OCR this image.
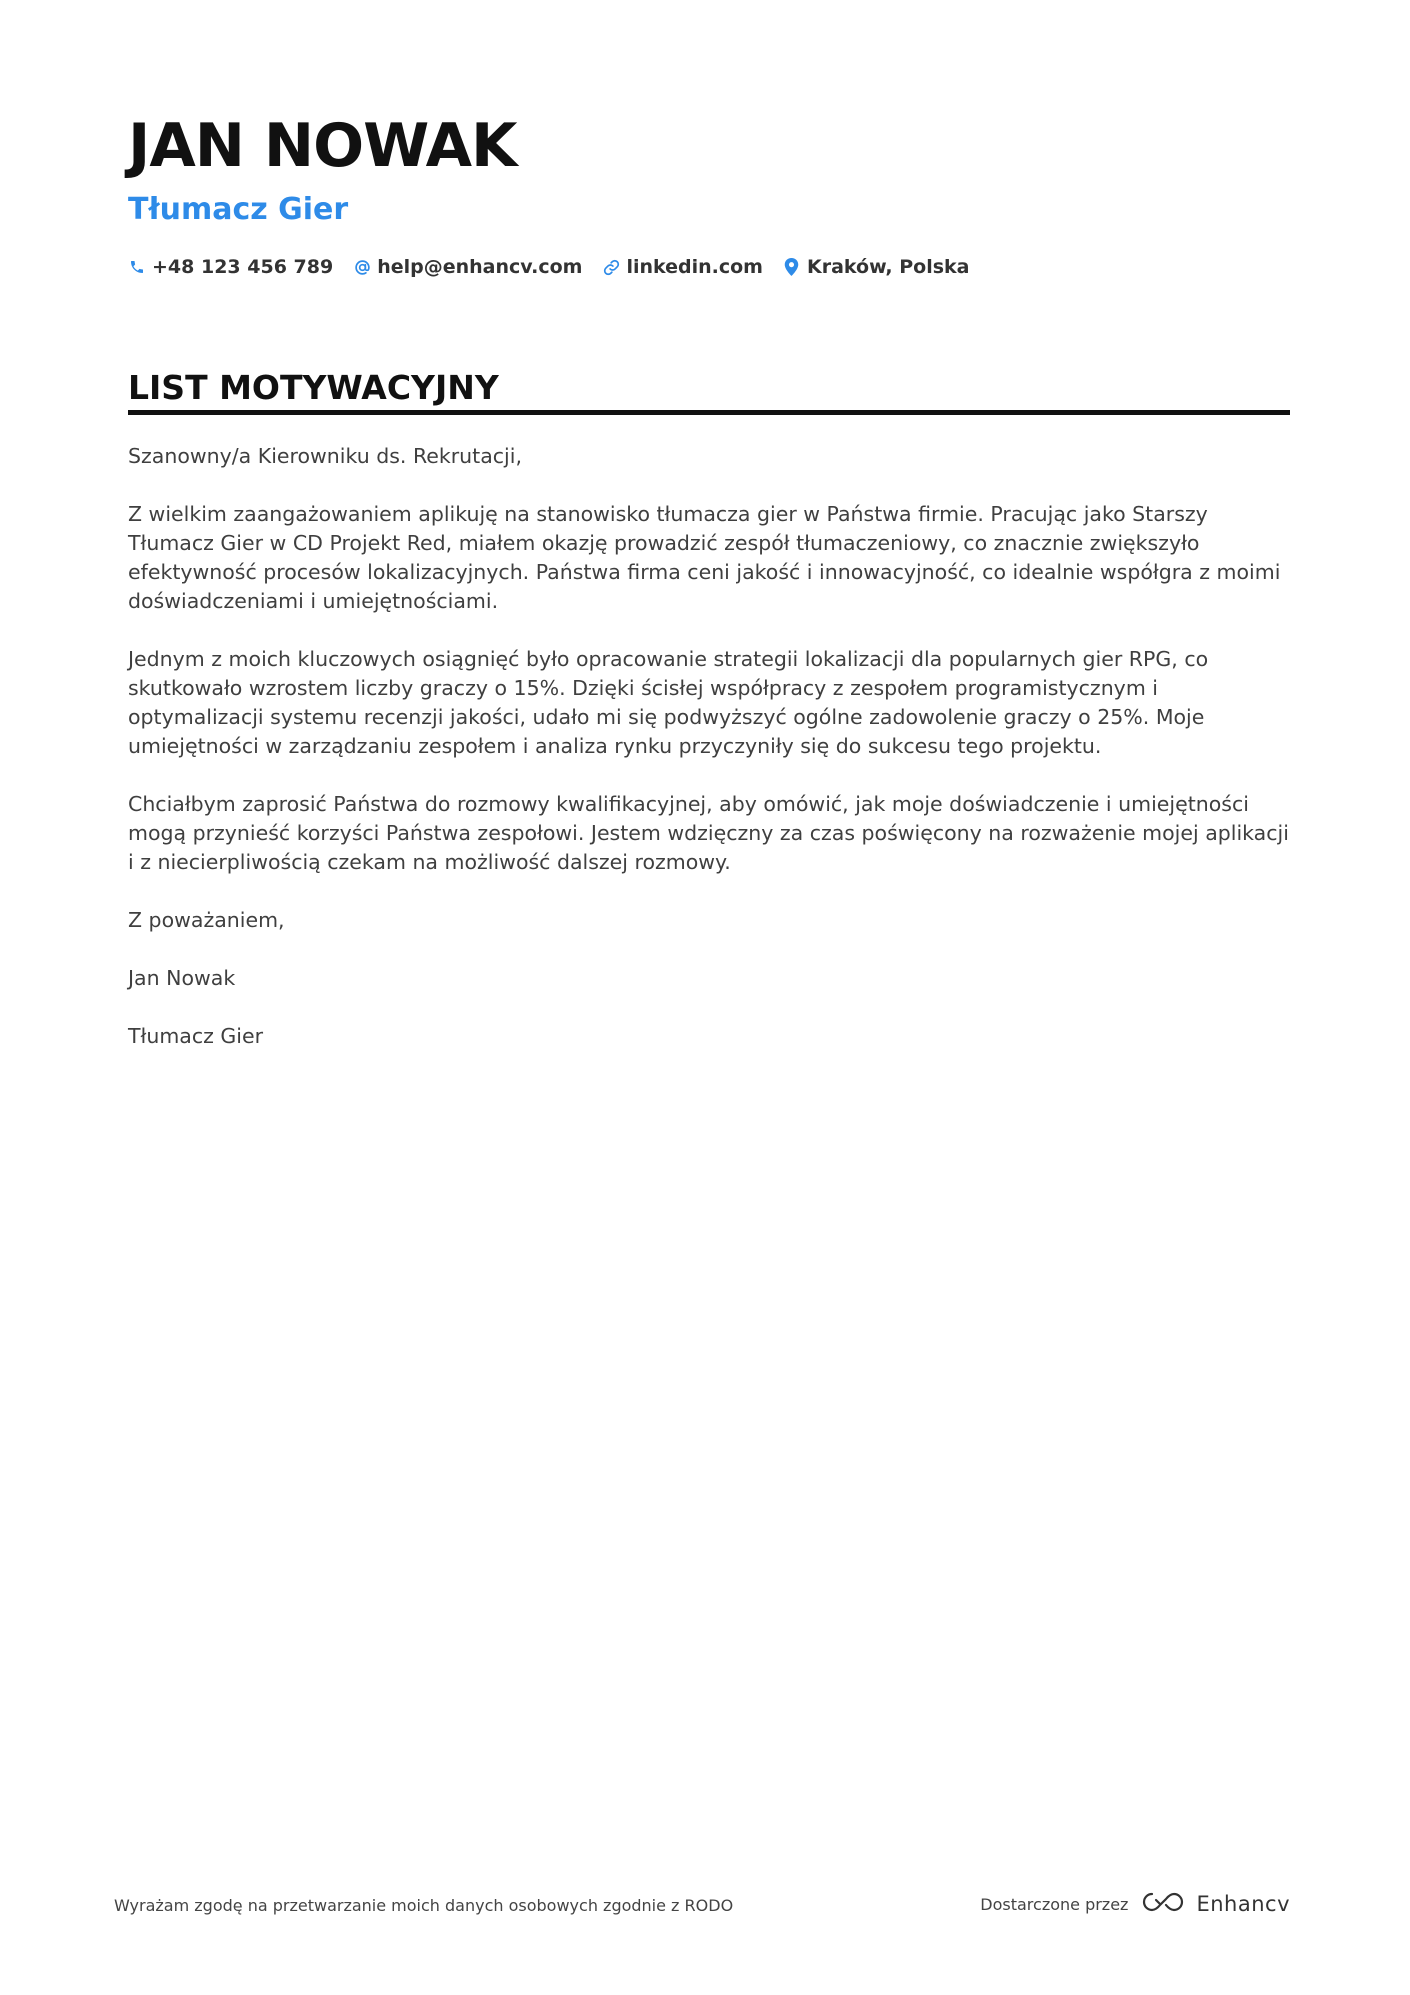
JAN NOWAK
Tłumacz Gier
+48 123 456 789 help@enhancv.com linkedin.com Kraków, Polska
LIST MOTYWACYJNY

Szanowny/a Kierowniku ds. Rekrutacji,

Z wielkim zaangażowaniem aplikuję na stanowisko tłumacza gier w Państwa firmie. Pracując jako Starszy Tłumacz Gier w CD Projekt Red, miałem okazję prowadzić zespół tłumaczeniowy, co znacznie zwiększyło efektywność procesów lokalizacyjnych. Państwa firma ceni jakość i innowacyjność, co idealnie współgra z moimi doświadczeniami i umiejętnościami.

Jednym z moich kluczowych osiągnięć było opracowanie strategii lokalizacji dla popularnych gier RPG, co skutkowało wzrostem liczby graczy o 15%. Dzięki ścisłej współpracy z zespołem programistycznym i optymalizacji systemu recenzji jakości, udało mi się podwyższyć ogólne zadowolenie graczy o 25%. Moje umiejętności w zarządzaniu zespołem i analiza rynku przyczyniły się do sukcesu tego projektu.

Chciałbym zaprosić Państwa do rozmowy kwalifikacyjnej, aby omówić, jak moje doświadczenie i umiejętności mogą przynieść korzyści Państwa zespołowi. Jestem wdzięczny za czas poświęcony na rozważenie mojej aplikacji i z niecierpliwością czekam na możliwość dalszej rozmowy.

Z poważaniem,

Jan Nowak

Tłumacz Gier

Wyrażam zgodę na przetwarzanie moich danych osobowych zgodnie z RODO	Dostarczone przez	Enhancv
